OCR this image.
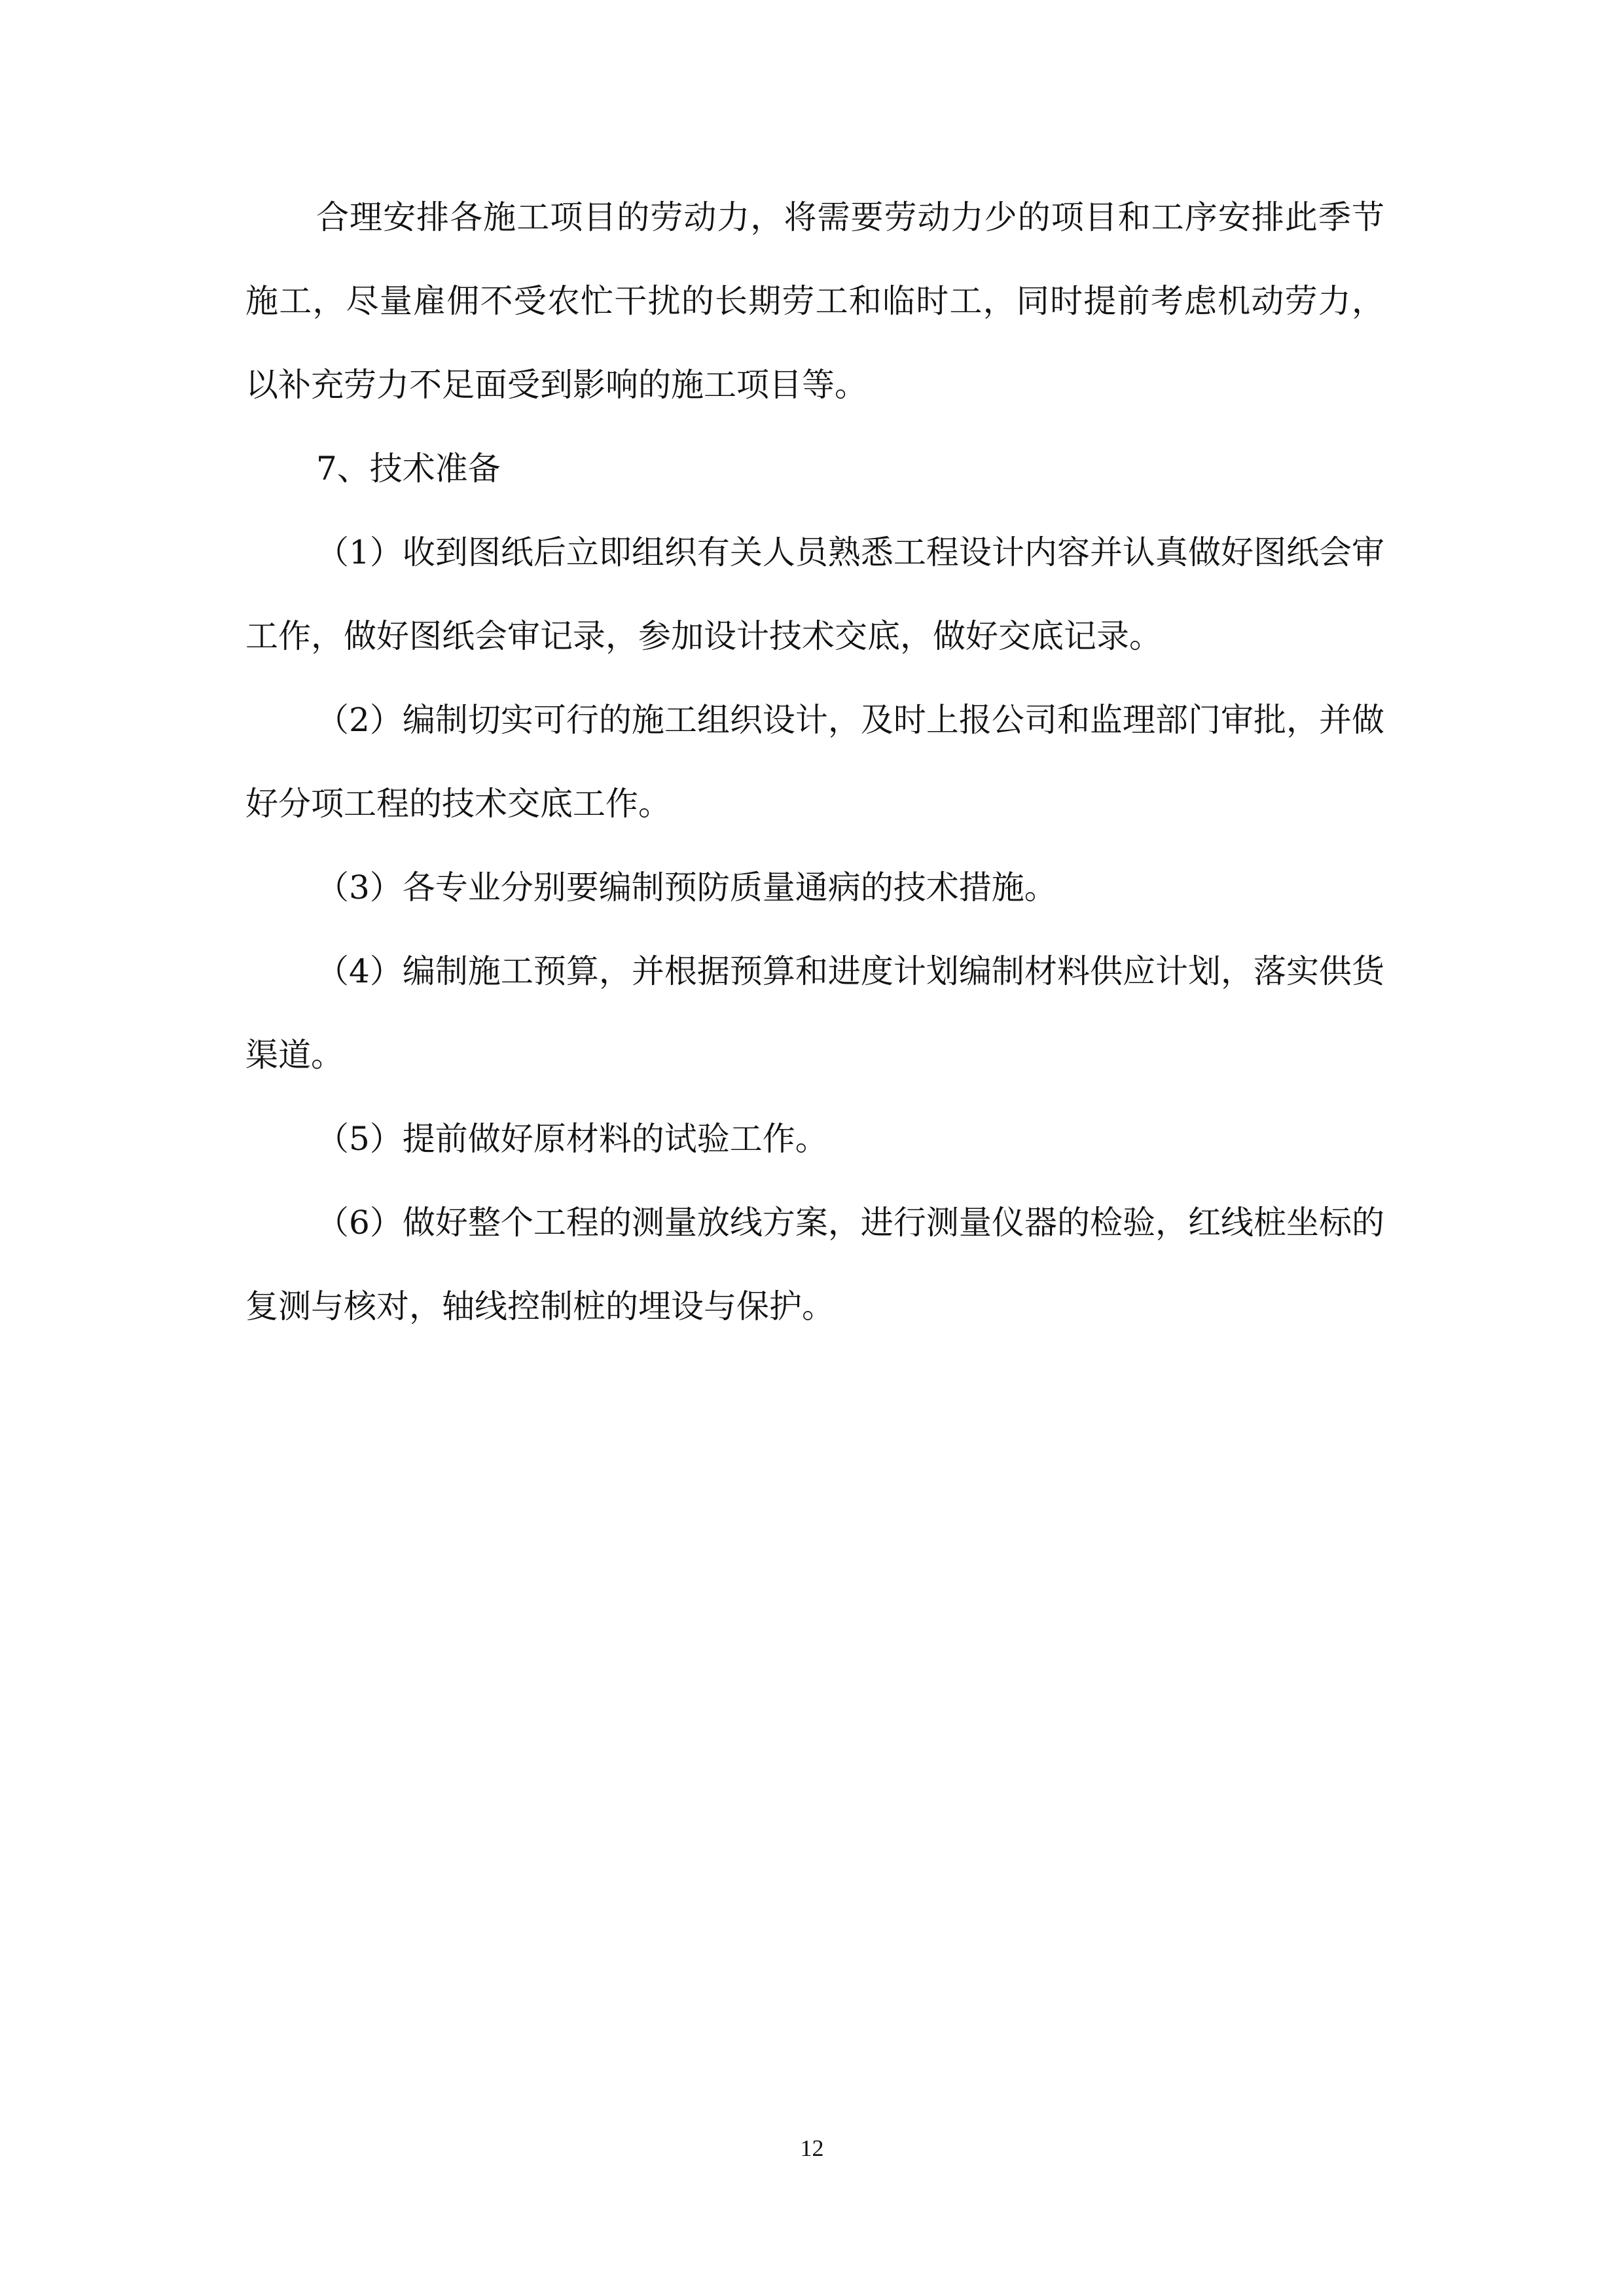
合理安排各施工项目的劳动力，将需要劳动力少的项目和工序安排此季节施工，尽量雇佣不受农忙干扰的长期劳工和临时工，同时提前考虑机动劳力，以补充劳力不足面受到影响的施工项目等。

7、技术准备

（1）收到图纸后立即组织有关人员熟悉工程设计内容并认真做好图纸会审工作，做好图纸会审记录，参加设计技术交底，做好交底记录。

（2）编制切实可行的施工组织设计，及时上报公司和监理部门审批，并做好分项工程的技术交底工作。

（3）各专业分别要编制预防质量通病的技术措施。

（4）编制施工预算，并根据预算和进度计划编制材料供应计划，落实供货渠道。

（5）提前做好原材料的试验工作。

（6）做好整个工程的测量放线方案，进行测量仪器的检验，红线桩坐标的复测与核对，轴线控制桩的埋设与保护。

12
